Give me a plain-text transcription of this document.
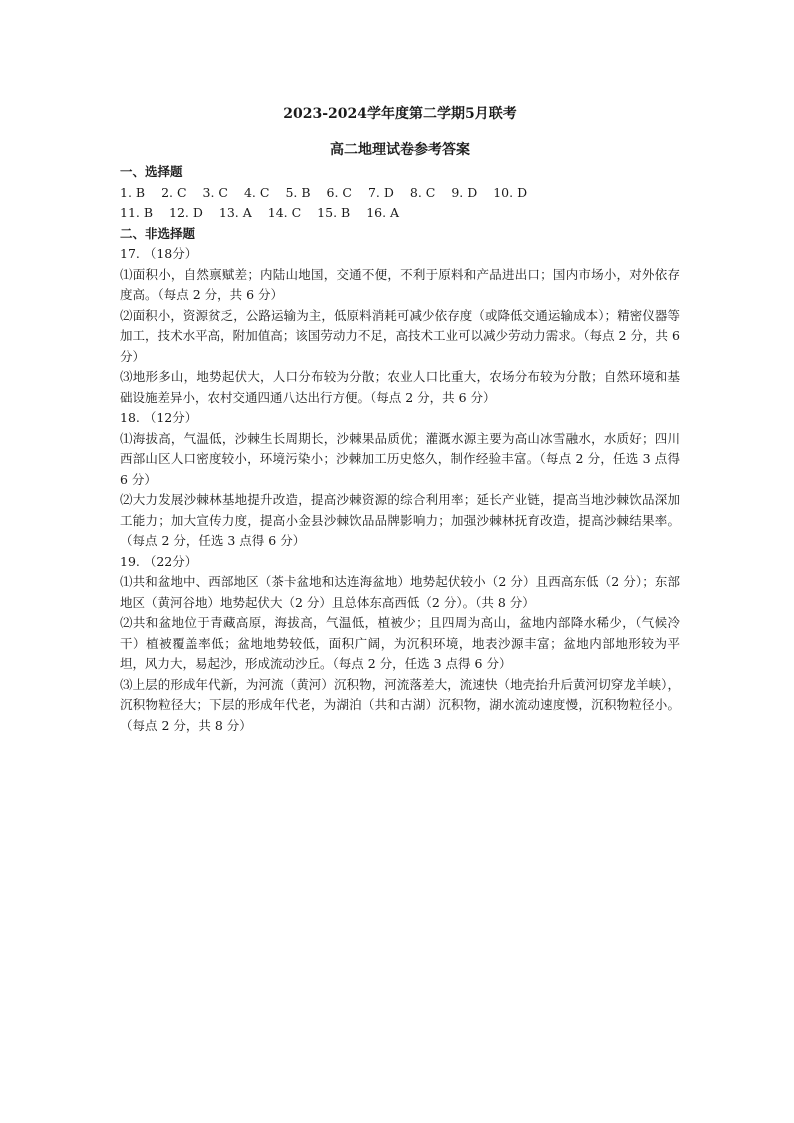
2023-2024学年度第二学期5月联考

高二地理试卷参考答案

一、选择题

1. B 2. C 3. C 4. C 5. B 6. C 7. D 8. C 9. D 10. D

11. B 12. D 13. A 14. C 15. B 16. A

二、非选择题

17. （18分）

⑴面积小，自然禀赋差；内陆山地国，交通不便，不利于原料和产品进出口；国内市场小，对外依存度高。（每点 2 分，共 6 分）

⑵面积小，资源贫乏，公路运输为主，低原料消耗可减少依存度（或降低交通运输成本）；精密仪器等加工，技术水平高，附加值高；该国劳动力不足，高技术工业可以减少劳动力需求。（每点 2 分，共 6 分）

⑶地形多山，地势起伏大，人口分布较为分散；农业人口比重大，农场分布较为分散；自然环境和基础设施差异小，农村交通四通八达出行方便。（每点 2 分，共 6 分）

18. （12分）

⑴海拔高，气温低，沙棘生长周期长，沙棘果品质优；灌溉水源主要为高山冰雪融水，水质好；四川西部山区人口密度较小，环境污染小；沙棘加工历史悠久，制作经验丰富。（每点 2 分，任选 3 点得 6 分）

⑵大力发展沙棘林基地提升改造，提高沙棘资源的综合利用率；延长产业链，提高当地沙棘饮品深加工能力；加大宣传力度，提高小金县沙棘饮品品牌影响力；加强沙棘林抚育改造，提高沙棘结果率。（每点 2 分，任选 3 点得 6 分）

19. （22分）

⑴共和盆地中、西部地区（茶卡盆地和达连海盆地）地势起伏较小（2 分）且西高东低（2 分）；东部地区（黄河谷地）地势起伏大（2 分）且总体东高西低（2 分）。（共 8 分）

⑵共和盆地位于青藏高原，海拔高，气温低，植被少；且四周为高山，盆地内部降水稀少，（气候冷干）植被覆盖率低；盆地地势较低，面积广阔，为沉积环境，地表沙源丰富；盆地内部地形较为平坦，风力大，易起沙，形成流动沙丘。（每点 2 分，任选 3 点得 6 分）

⑶上层的形成年代新，为河流（黄河）沉积物，河流落差大，流速快（地壳抬升后黄河切穿龙羊峡），沉积物粒径大；下层的形成年代老，为湖泊（共和古湖）沉积物，湖水流动速度慢，沉积物粒径小。（每点 2 分，共 8 分）
